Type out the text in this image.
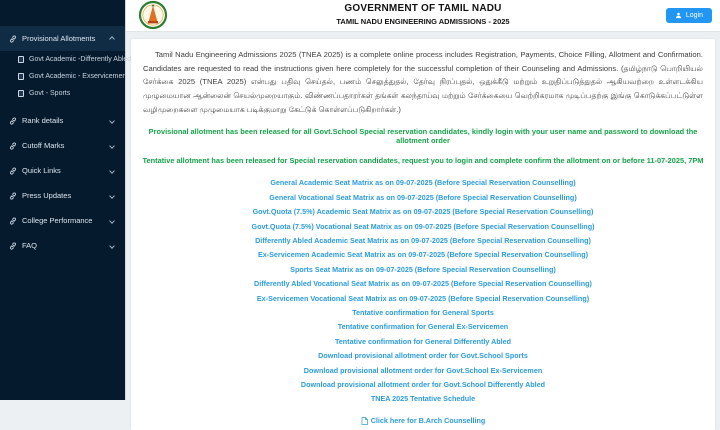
Provisional Allotments
Govt Academic -Differently Abled
Govt Academic - Exservicemen
Govt - Sports
Rank details
Cutoff Marks
Quick Links
Press Updates
College Performance
FAQ
GOVERNMENT OF TAMIL NADU
TAMIL NADU ENGINEERING ADMISSIONS - 2025
Login

Tamil Nadu Engineering Admissions 2025 (TNEA 2025) is a complete online process includes Registration, Payments, Choice Filling, Allotment and Confirmation. Candidates are requested to read the instructions given here completely for the successful completion of their Counseling and Admissions. (தமிழ்நாடு பொறியியல் சேர்க்கை 2025 (TNEA 2025) என்பது பதிவு செய்தல், பணம் செலுத்துதல், தேர்வு நிரப்புதல், ஒதுக்கீடு மற்றும் உறுதிப்படுத்துதல் ஆகியவற்றை உள்ளடக்கிய முழுமையான ஆன்லைன் செயல்முறையாகும். விண்ணப்பதாரர்கள் தங்கள் கலந்தாய்வு மற்றும் சேர்க்கையை வெற்றிகரமாக முடிப்பதற்கு இங்கு கொடுக்கப்பட்டுள்ள வழிமுறைகளை முழுமையாக படிக்குமாறு கேட்டுக் கொள்ளப்படுகிறார்கள்.)

Provisional allotment has been released for all Govt.School Special reservation candidates, kindly login with your user name and password to download the allotment order
Tentative allotment has been released for Special reservation candidates, request you to login and complete confirm the allotment on or before 11-07-2025, 7PM
General Academic Seat Matrix as on 09-07-2025 (Before Special Reservation Counselling)
General Vocational Seat Matrix as on 09-07-2025 (Before Special Reservation Counselling)
Govt.Quota (7.5%) Academic Seat Matrix as on 09-07-2025 (Before Special Reservation Counselling)
Govt.Quota (7.5%) Vocational Seat Matrix as on 09-07-2025 (Before Special Reservation Counselling)
Differently Abled Academic Seat Matrix as on 09-07-2025 (Before Special Reservation Counselling)
Ex-Servicemen Academic Seat Matrix as on 09-07-2025 (Before Special Reservation Counselling)
Sports Seat Matrix as on 09-07-2025 (Before Special Reservation Counselling)
Differently Abled Vocational Seat Matrix as on 09-07-2025 (Before Special Reservation Counselling)
Ex-Servicemen Vocational Seat Matrix as on 09-07-2025 (Before Special Reservation Counselling)
Tentative confirmation for General Sports
Tentative confirmation for General Ex-Servicemen
Tentative confirmation for General Differently Abled
Download provisional allotment order for Govt.School Sports
Download provisional allotment order for Govt.School Ex-Servicemen
Download provisional allotment order for Govt.School Differently Abled
TNEA 2025 Tentative Schedule
Click here for B.Arch Counselling
